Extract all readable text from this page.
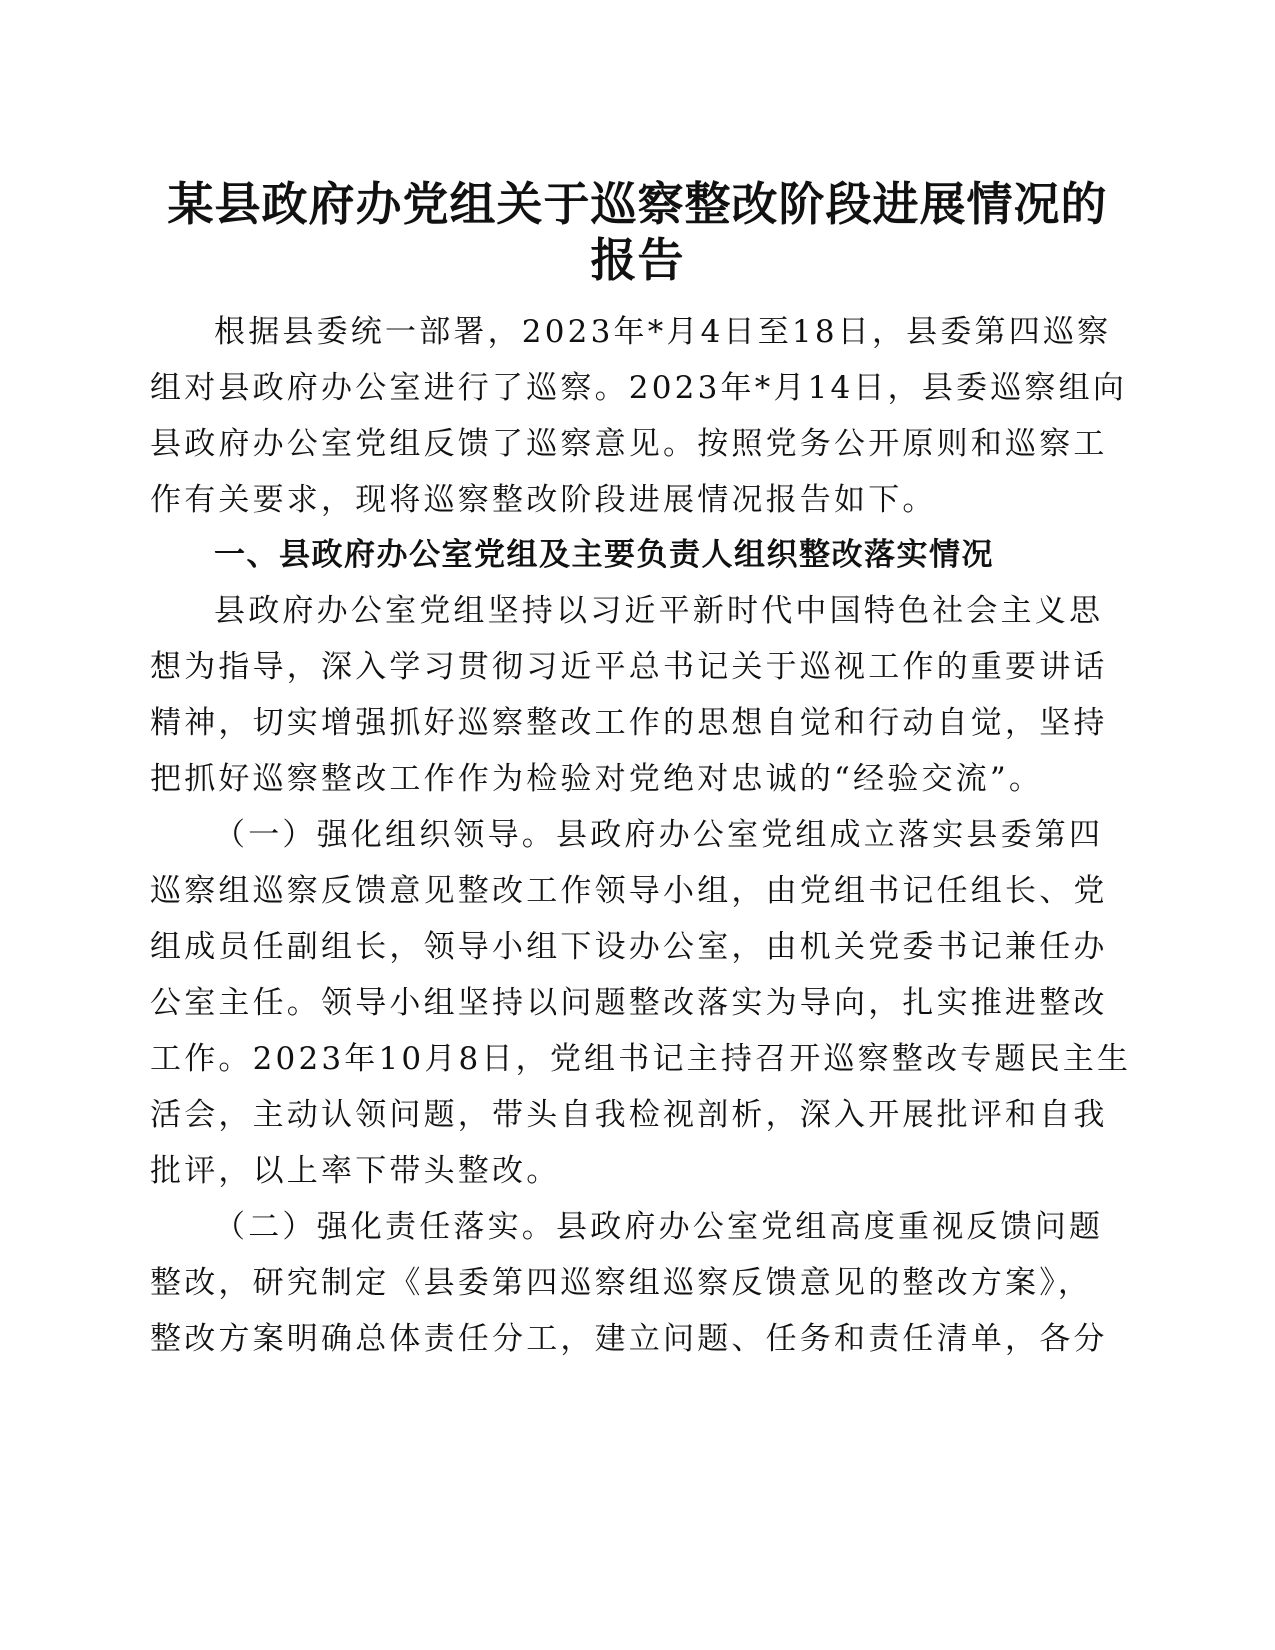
某县政府办党组关于巡察整改阶段进展情况的
报告
根据县委统一部署，2023年*月4日至18日，县委第四巡察
组对县政府办公室进行了巡察。2023年*月14日，县委巡察组向
县政府办公室党组反馈了巡察意见。按照党务公开原则和巡察工
作有关要求，现将巡察整改阶段进展情况报告如下。
一、县政府办公室党组及主要负责人组织整改落实情况
县政府办公室党组坚持以习近平新时代中国特色社会主义思
想为指导，深入学习贯彻习近平总书记关于巡视工作的重要讲话
精神，切实增强抓好巡察整改工作的思想自觉和行动自觉，坚持
把抓好巡察整改工作作为检验对党绝对忠诚的“经验交流”。
（一）强化组织领导。县政府办公室党组成立落实县委第四
巡察组巡察反馈意见整改工作领导小组，由党组书记任组长、党
组成员任副组长，领导小组下设办公室，由机关党委书记兼任办
公室主任。领导小组坚持以问题整改落实为导向，扎实推进整改
工作。2023年10月8日，党组书记主持召开巡察整改专题民主生
活会，主动认领问题，带头自我检视剖析，深入开展批评和自我
批评，以上率下带头整改。
（二）强化责任落实。县政府办公室党组高度重视反馈问题
整改，研究制定《县委第四巡察组巡察反馈意见的整改方案》，
整改方案明确总体责任分工，建立问题、任务和责任清单，各分
